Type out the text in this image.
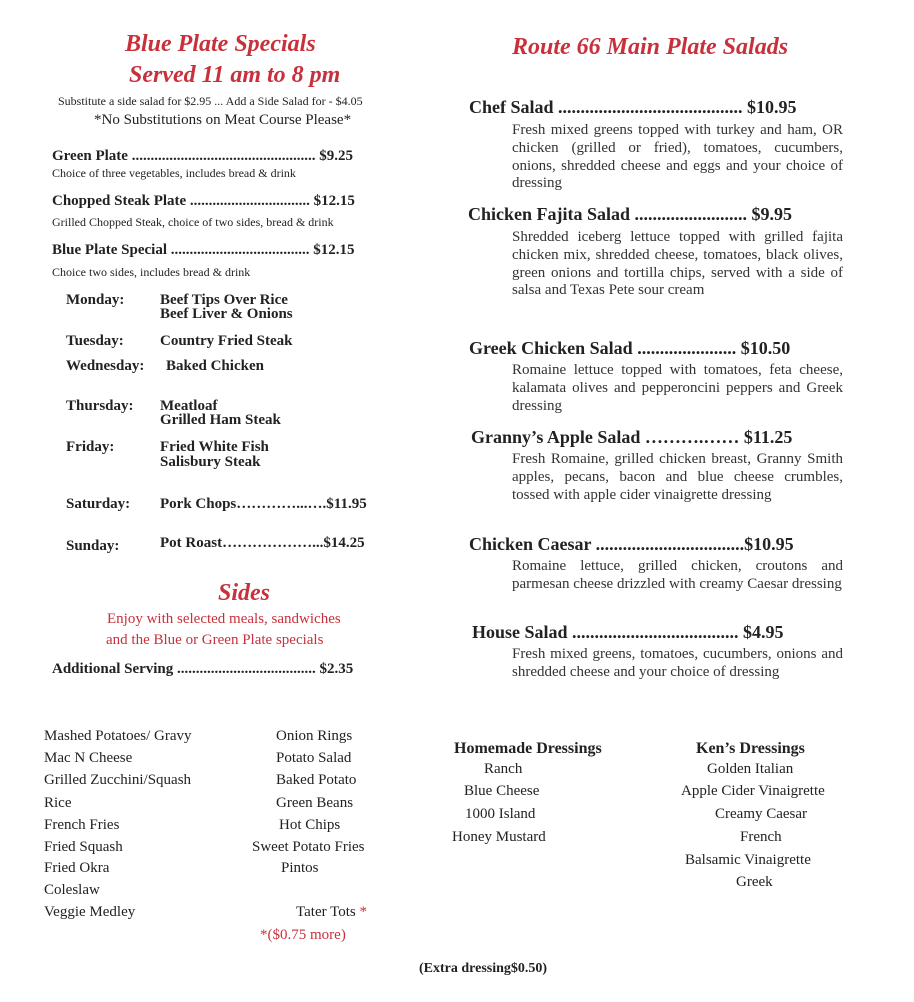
Blue Plate Specials
Served 11 am to 8 pm
Substitute a side salad for $2.95 ... Add a Side Salad for - $4.05
*No Substitutions on Meat Course Please*
Green Plate ................................................. $9.25
Choice of three vegetables, includes bread & drink
Chopped Steak Plate ................................ $12.15
Grilled Chopped Steak, choice of two sides, bread & drink
Blue Plate Special ..................................... $12.15
Choice two sides, includes bread & drink
Monday: Beef Tips Over Rice
Beef Liver & Onions
Tuesday: Country Fried Steak
Wednesday: Baked Chicken
Thursday: Meatloaf
Grilled Ham Steak
Friday:	Fried White Fish
Salisbury Steak
Saturday: Pork Chops…………...….$11.95
Sunday:	Pot Roast………………...$14.25
Sides
Enjoy with selected meals, sandwiches
and the Blue or Green Plate specials
Additional Serving ..................................... $2.35
Mashed Potatoes/ Gravy
Mac N Cheese
Grilled Zucchini/Squash
Rice
French Fries
Fried Squash
Fried Okra
Coleslaw
Veggie Medley
Onion Rings
Potato Salad
Baked Potato
Green Beans
Hot Chips
Sweet Potato Fries
Pintos
Tater Tots *
*($0.75 more)
Route 66 Main Plate Salads
Chef Salad ......................................... $10.95
Fresh mixed greens topped with turkey and ham, OR chicken (grilled or fried), tomatoes, cucumbers, onions, shredded cheese and eggs and your choice of dressing
Chicken Fajita Salad ......................... $9.95
Shredded iceberg lettuce topped with grilled fajita chicken mix, shredded cheese, tomatoes, black olives, green onions and tortilla chips, served with a side of salsa and Texas Pete sour cream
Greek Chicken Salad ...................... $10.50
Romaine lettuce topped with tomatoes, feta cheese, kalamata olives and pepperoncini peppers and Greek dressing
Granny’s Apple Salad ……….…… $11.25
Fresh Romaine, grilled chicken breast, Granny Smith apples, pecans, bacon and blue cheese crumbles, tossed with apple cider vinaigrette dressing
Chicken Caesar .................................$10.95
Romaine lettuce, grilled chicken, croutons and parmesan cheese drizzled with creamy Caesar dressing
House Salad ..................................... $4.95
Fresh mixed greens, tomatoes, cucumbers, onions and shredded cheese and your choice of dressing
Homemade Dressings
Ranch
Blue Cheese
1000 Island
Honey Mustard
Ken’s Dressings
Golden Italian
Apple Cider Vinaigrette
Creamy Caesar
French
Balsamic Vinaigrette
Greek
(Extra dressing$0.50)
